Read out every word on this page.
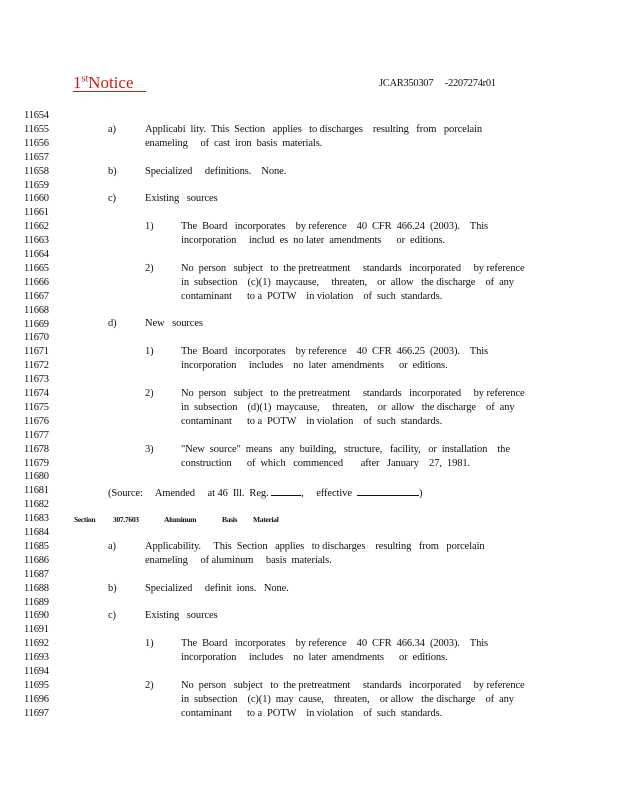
1stNotice	JCAR350307     -2207274r01
11654
11655
11656
11657
11658
11659
11660
11661
11662
11663
11664
11665
11666
11667
11668
11669
11670
11671
11672
11673
11674
11675
11676
11677
11678
11679
11680
11681
11682
11683
11684
11685
11686
11687
11688
11689
11690
11691
11692
11693
11694
11695
11696
11697
a)	Applicabi  lity.  This  Section   applies   to discharges    resulting   from   porcelain
enameling     of  cast  iron  basis  materials.
b)	Specialized     definitions.    None.
c)	Existing   sources
1)	The  Board   incorporates    by reference    40  CFR  466.24  (2003).    This
incorporation     includ  es  no later  amendments      or  editions.
2)	No  person   subject   to  the pretreatment     standards   incorporated     by reference
in  subsection    (c)(1)  maycause,     threaten,    or  allow   the discharge    of  any
contaminant      to a  POTW    in violation    of  such  standards.
d)	New   sources
1)	The  Board   incorporates    by reference    40  CFR  466.25  (2003).    This
incorporation     includes    no  later  amendments      or  editions.
2)	No  person   subject   to  the pretreatment     standards   incorporated     by reference
in  subsection    (d)(1)  maycause,     threaten,    or  allow   the discharge    of  any
contaminant      to a  POTW    in violation    of  such  standards.
3)	"New  source"  means   any  building,   structure,   facility,   or  installation    the
construction      of  which   commenced       after   January    27,  1981.
(Source:     Amended     at 46  Ill.  Reg.	,     effective	)
Section 307.7603	Aluminum	Basis Material
a)	Applicability.     This  Section   applies   to discharges    resulting   from   porcelain
enameling     of aluminum     basis  materials.
b)	Specialized     definit  ions.   None.
c)	Existing   sources
1)	The  Board   incorporates    by reference    40  CFR  466.34  (2003).    This
incorporation     includes    no  later  amendments      or  editions.
2)	No  person   subject   to  the pretreatment     standards   incorporated     by reference
in  subsection    (c)(1)  may  cause,    threaten,    or allow   the discharge    of  any
contaminant      to a  POTW    in violation    of  such  standards.
